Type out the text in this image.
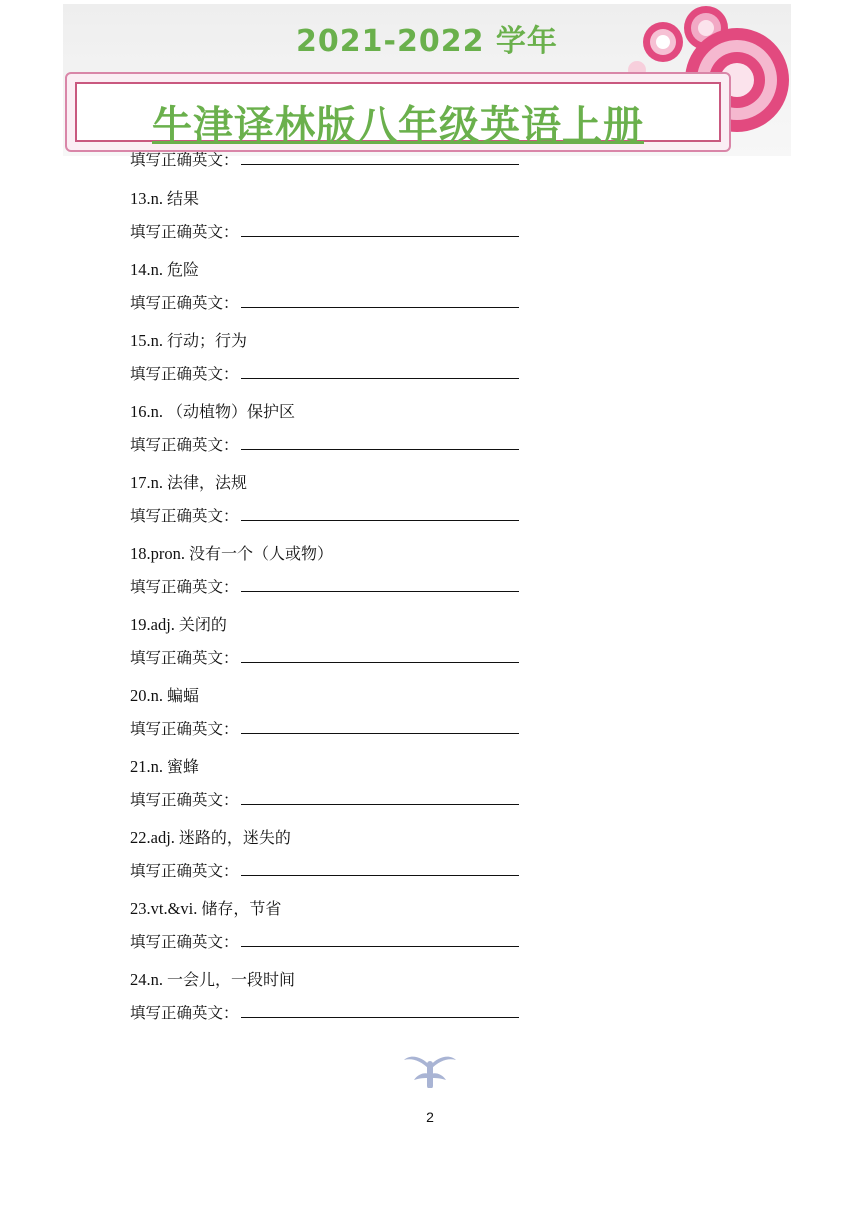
2021-2022 学年
牛津译林版八年级英语上册
填写正确英文：
13.n. 结果
填写正确英文：
14.n. 危险
填写正确英文：
15.n. 行动；行为
填写正确英文：
16.n. （动植物）保护区
填写正确英文：
17.n. 法律，法规
填写正确英文：
18.pron. 没有一个（人或物）
填写正确英文：
19.adj. 关闭的
填写正确英文：
20.n. 蝙蝠
填写正确英文：
21.n. 蜜蜂
填写正确英文：
22.adj. 迷路的，迷失的
填写正确英文：
23.vt.&vi. 储存，节省
填写正确英文：
24.n. 一会儿，一段时间
填写正确英文：
2
